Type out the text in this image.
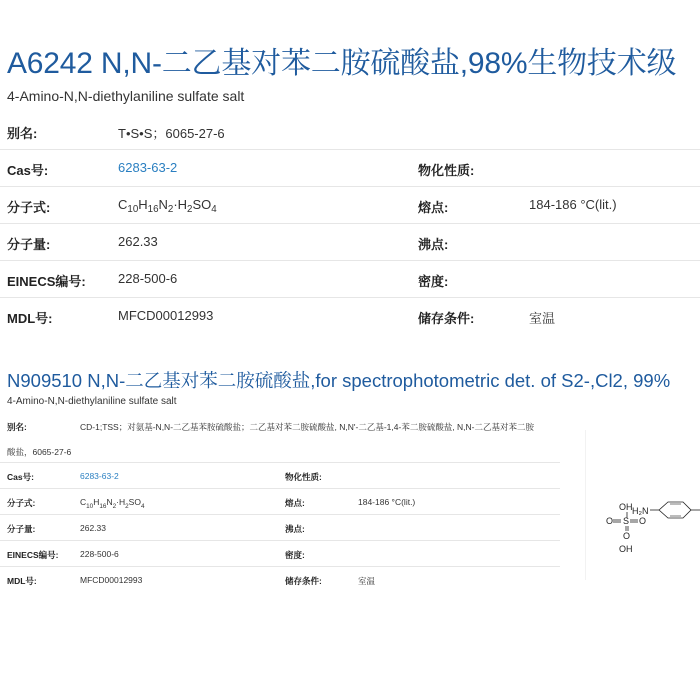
A6242 N,N-二乙基对苯二胺硫酸盐,98%生物技术级
4-Amino-N,N-diethylaniline sulfate salt
别名:	T•S•S；6065-27-6
Cas号:	6283-63-2	物化性质:
分子式:	$C_{10}H_{16}N_2\cdot H_2SO_4$	熔点:	184-186 °C(lit.)
分子量:	262.33	沸点:
EINECS编号: 228-500-6	密度:
MDL号:	MFCD00012993	储存条件:	室温
N909510 N,N-二乙基对苯二胺硫酸盐,for spectrophotometric det. of S2-,Cl2, 99%
4-Amino-N,N-diethylaniline sulfate salt
别名:	CD-1;TSS；对氨基-N,N-二乙基苯胺硫酸盐；二乙基对苯二胺硫酸盐, N,N'-二乙基-1,4-苯二胺硫酸盐, N,N-二乙基对苯二胺
酸盐，6065-27-6
Cas号:	6283-63-2	物化性质:
分子式:	$C_{10}H_{16}N_2\cdot H_2SO_4$	熔点:	184-186 °C(lit.)
分子量:	262.33	沸点:
EINECS编号:	228-500-6	密度:
MDL号:	MFCD00012993	储存条件:	室温
OH H₂N
O S O
O
OH
